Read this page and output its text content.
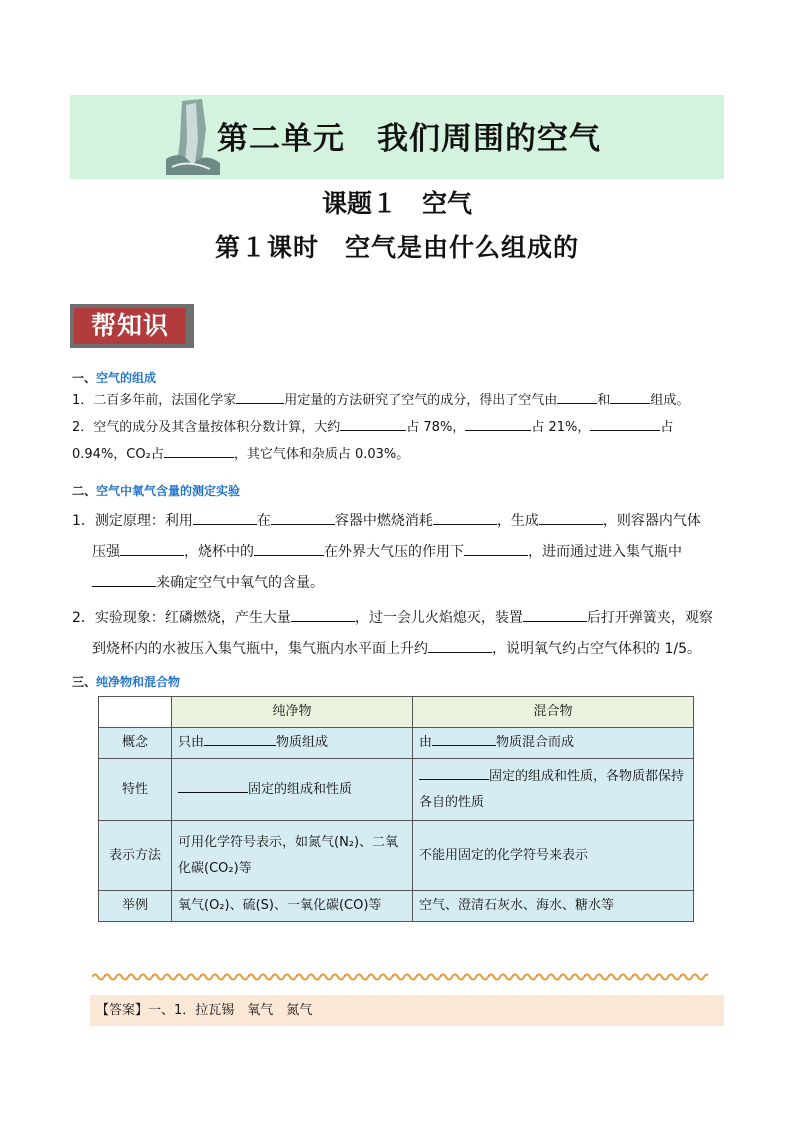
第二单元　我们周围的空气
课题１　空气
第１课时　空气是由什么组成的
帮知识

一、空气的组成

1．二百多年前，法国化学家	用定量的方法研究了空气的成分，得出了空气由	和	组成。

2．空气的成分及其含量按体积分数计算，大约	占 78%，	占 21%，	占
0.94%，CO₂占	，其它气体和杂质占 0.03%。

二、空气中氧气含量的测定实验

1．测定原理：利用	在	容器中燃烧消耗	，生成	，则容器内气体
压强	，烧杯中的	在外界大气压的作用下	，进而通过进入集气瓶中
来确定空气中氧气的含量。

2．实验现象：红磷燃烧，产生大量	，过一会儿火焰熄灭，装置	后打开弹簧夹，观察
到烧杯内的水被压入集气瓶中，集气瓶内水平面上升约	，说明氧气约占空气体积的 1/5。

三、纯净物和混合物

	纯净物	混合物
概念	只由 物质组成	由 物质混合而成
特性	固定的组成和性质	固定的组成和性质，各物质都保持各自的性质
表示方法	可用化学符号表示，如氮气(N₂)、二氧化碳(CO₂)等	不能用固定的化学符号来表示
举例	氧气(O₂)、硫(S)、一氧化碳(CO)等	空气、澄清石灰水、海水、糖水等
【答案】一、1．拉瓦锡　氧气　氮气
